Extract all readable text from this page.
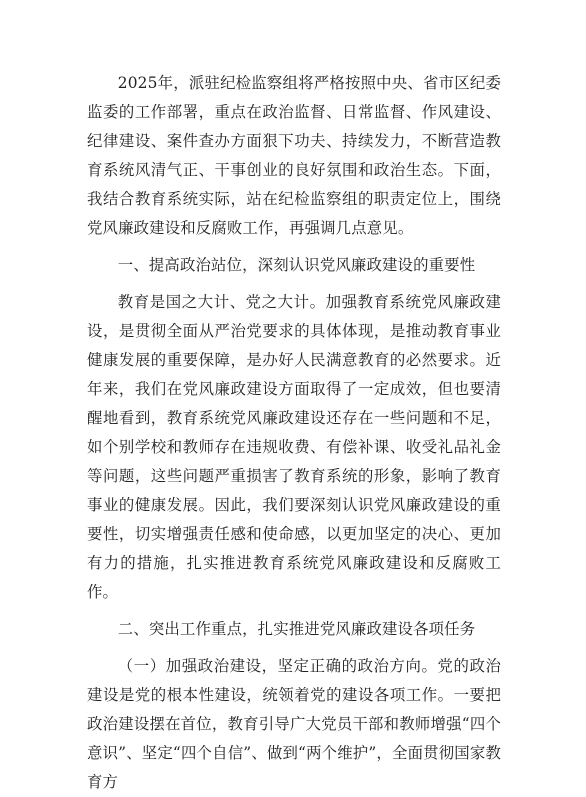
2025年，派驻纪检监察组将严格按照中央、省市区纪委监委的工作部署，重点在政治监督、日常监督、作风建设、纪律建设、案件查办方面狠下功夫、持续发力，不断营造教育系统风清气正、干事创业的良好氛围和政治生态。下面，我结合教育系统实际，站在纪检监察组的职责定位上，围绕党风廉政建设和反腐败工作，再强调几点意见。

一、提高政治站位，深刻认识党风廉政建设的重要性

教育是国之大计、党之大计。加强教育系统党风廉政建设，是贯彻全面从严治党要求的具体体现，是推动教育事业健康发展的重要保障，是办好人民满意教育的必然要求。近年来，我们在党风廉政建设方面取得了一定成效，但也要清醒地看到，教育系统党风廉政建设还存在一些问题和不足，如个别学校和教师存在违规收费、有偿补课、收受礼品礼金等问题，这些问题严重损害了教育系统的形象，影响了教育事业的健康发展。因此，我们要深刻认识党风廉政建设的重要性，切实增强责任感和使命感，以更加坚定的决心、更加有力的措施，扎实推进教育系统党风廉政建设和反腐败工作。

二、突出工作重点，扎实推进党风廉政建设各项任务

（一）加强政治建设，坚定正确的政治方向。党的政治建设是党的根本性建设，统领着党的建设各项工作。一要把政治建设摆在首位，教育引导广大党员干部和教师增强“四个意识”、坚定“四个自信”、做到“两个维护”，全面贯彻国家教育方
